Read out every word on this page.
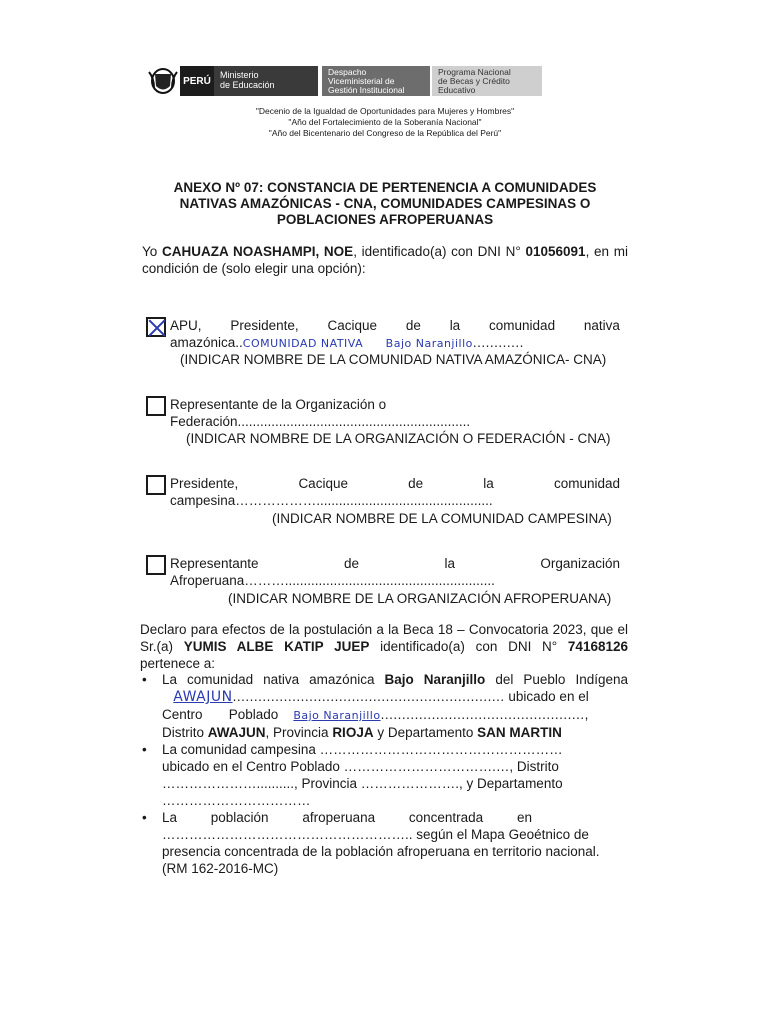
PERÚ
Ministerio
de Educación
Despacho
Viceministerial de
Gestión Institucional
Programa Nacional
de Becas y Crédito
Educativo
"Decenio de la Igualdad de Oportunidades para Mujeres y Hombres"
"Año del Fortalecimiento de la Soberanía Nacional"
"Año del Bicentenario del Congreso de la República del Perú"
ANEXO Nº 07: CONSTANCIA DE PERTENENCIA A COMUNIDADES
NATIVAS AMAZÓNICAS - CNA, COMUNIDADES CAMPESINAS O
POBLACIONES AFROPERUANAS
Yo CAHUAZA NOASHAMPI, NOE, identificado(a) con DNI N° 01056091, en mi
condición de (solo elegir una opción):
APU, Presidente, Cacique de la comunidad nativa
amazónica..COMUNIDAD NATIVA Bajo Naranjillo............
(INDICAR NOMBRE DE LA COMUNIDAD NATIVA AMAZÓNICA- CNA)
Representante de la Organización o
Federación..............................................................
(INDICAR NOMBRE DE LA ORGANIZACIÓN O FEDERACIÓN - CNA)
Presidente,	Cacique	de	la	comunidad
campesina………………...............................................
(INDICAR NOMBRE DE LA COMUNIDAD CAMPESINA)
Representante	de	la	Organización
Afroperuana………........................................................
(INDICAR NOMBRE DE LA ORGANIZACIÓN AFROPERUANA)
Declaro para efectos de la postulación a la Beca 18 – Convocatoria 2023, que el
Sr.(a) YUMIS ALBE KATIP JUEP identificado(a) con DNI N° 74168126
pertenece a:
• La comunidad nativa amazónica Bajo Naranjillo del Pueblo Indígena
AWAJUN................................................................ ubicado en el
Centro       Poblado Bajo Naranjillo................................................,
Distrito AWAJUN, Provincia RIOJA y Departamento SAN MARTIN
• La comunidad campesina ………………………………………………
ubicado en el Centro Poblado …………………………….…, Distrito
………………….........., Provincia …………………., y Departamento
……………………………
• La         población         afroperuana         concentrada         en
……………………………………………….. según el Mapa Geoétnico de
presencia concentrada de la población afroperuana en territorio nacional.
(RM 162-2016-MC)
